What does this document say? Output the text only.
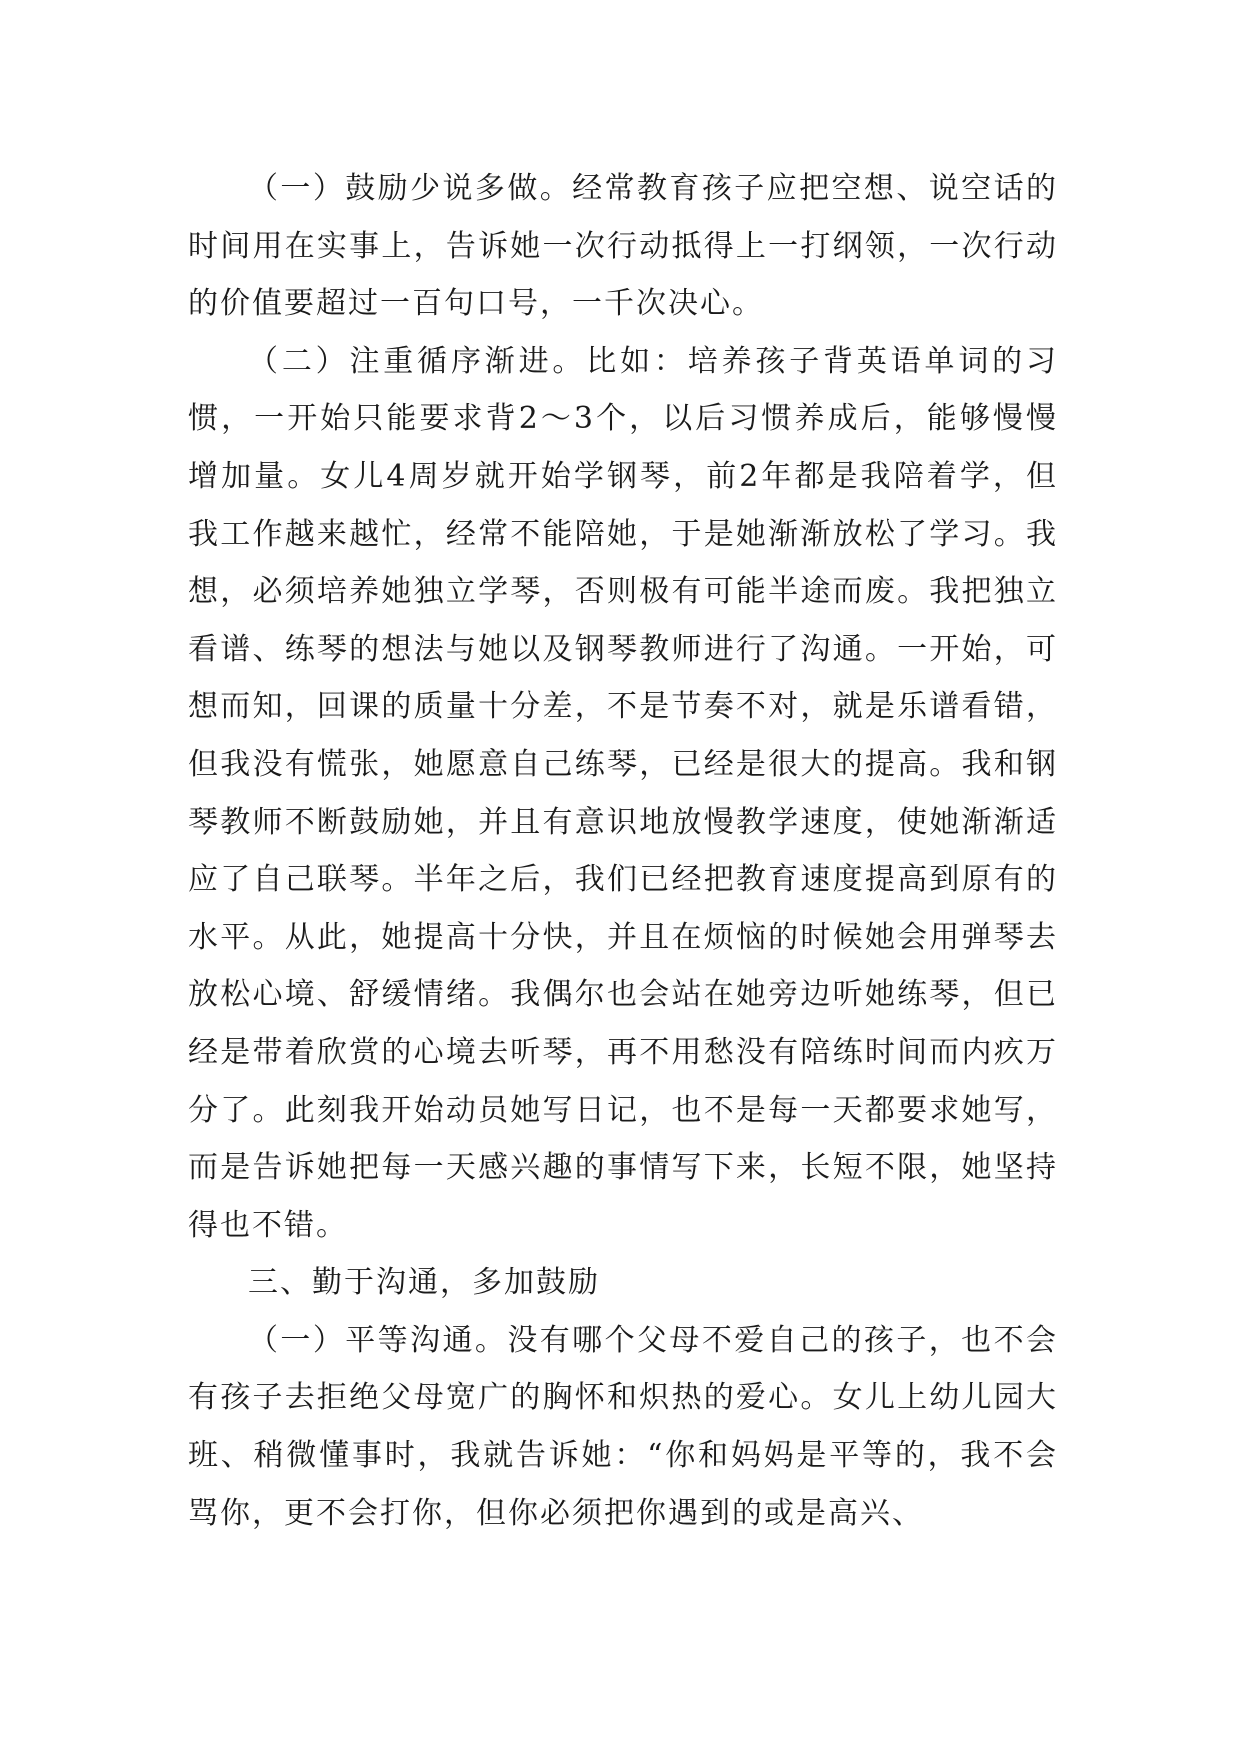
（一）鼓励少说多做。经常教育孩子应把空想、说空话的时间用在实事上，告诉她一次行动抵得上一打纲领，一次行动的价值要超过一百句口号，一千次决心。

（二）注重循序渐进。比如：培养孩子背英语单词的习惯，一开始只能要求背2～3个，以后习惯养成后，能够慢慢增加量。女儿4周岁就开始学钢琴，前2年都是我陪着学，但我工作越来越忙，经常不能陪她，于是她渐渐放松了学习。我想，必须培养她独立学琴，否则极有可能半途而废。我把独立看谱、练琴的想法与她以及钢琴教师进行了沟通。一开始，可想而知，回课的质量十分差，不是节奏不对，就是乐谱看错，但我没有慌张，她愿意自己练琴，已经是很大的提高。我和钢琴教师不断鼓励她，并且有意识地放慢教学速度，使她渐渐适应了自己联琴。半年之后，我们已经把教育速度提高到原有的水平。从此，她提高十分快，并且在烦恼的时候她会用弹琴去放松心境、舒缓情绪。我偶尔也会站在她旁边听她练琴，但已经是带着欣赏的心境去听琴，再不用愁没有陪练时间而内疚万分了。此刻我开始动员她写日记，也不是每一天都要求她写，而是告诉她把每一天感兴趣的事情写下来，长短不限，她坚持得也不错。

三、勤于沟通，多加鼓励

（一）平等沟通。没有哪个父母不爱自己的孩子，也不会有孩子去拒绝父母宽广的胸怀和炽热的爱心。女儿上幼儿园大班、稍微懂事时，我就告诉她：“你和妈妈是平等的，我不会骂你，更不会打你，但你必须把你遇到的或是高兴、
